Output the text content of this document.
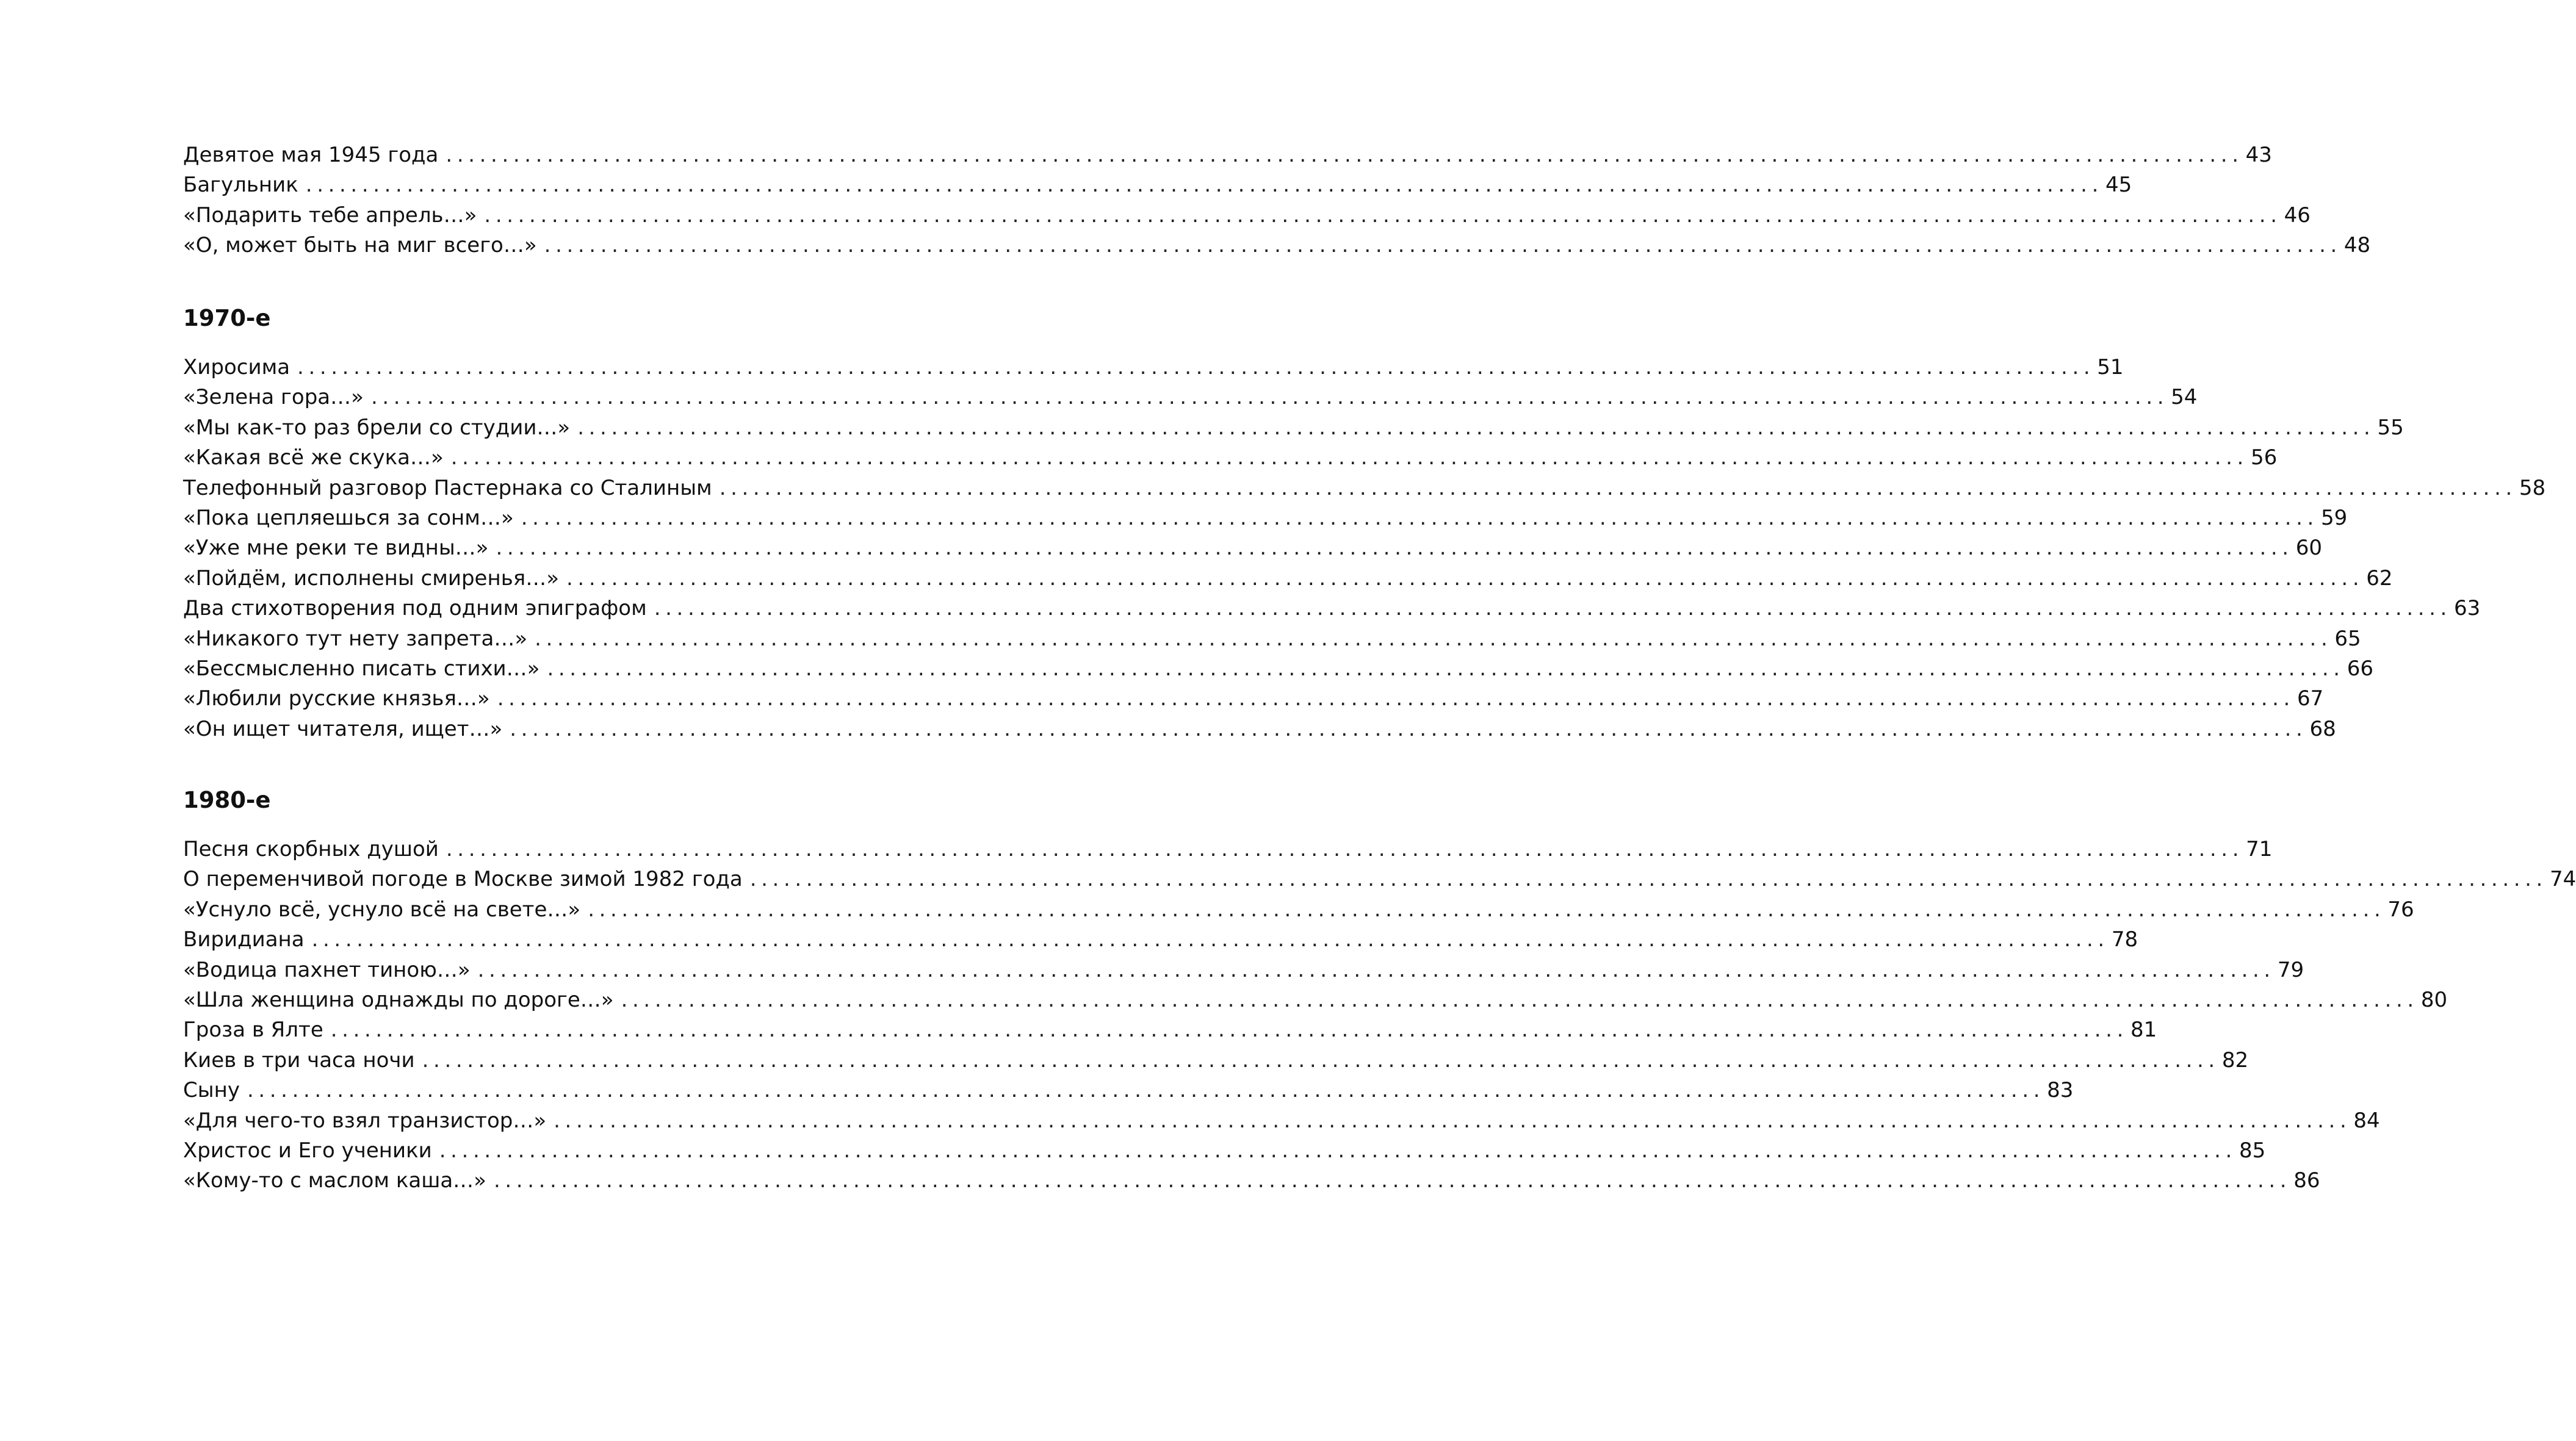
Девятое мая 1945 года ................................................................................................................................................................ 43
Багульник ................................................................................................................................................................ 45
«Подарить тебе апрель…» ................................................................................................................................................................ 46
«О, может быть на миг всего…» ................................................................................................................................................................ 48
1970-е
Хиросима ................................................................................................................................................................ 51
«Зелена гора…» ................................................................................................................................................................ 54
«Мы как-то раз брели со студии…» ................................................................................................................................................................ 55
«Какая всё же скука…» ................................................................................................................................................................ 56
Телефонный разговор Пастернака со Сталиным ................................................................................................................................................................ 58
«Пока цепляешься за сонм…» ................................................................................................................................................................ 59
«Уже мне реки те видны…» ................................................................................................................................................................ 60
«Пойдём, исполнены смиренья…» ................................................................................................................................................................ 62
Два стихотворения под одним эпиграфом ................................................................................................................................................................ 63
«Никакого тут нету запрета…» ................................................................................................................................................................ 65
«Бессмысленно писать стихи…» ................................................................................................................................................................ 66
«Любили русские князья…» ................................................................................................................................................................ 67
«Он ищет читателя, ищет…» ................................................................................................................................................................ 68
1980-е
Песня скорбных душой ................................................................................................................................................................ 71
О переменчивой погоде в Москве зимой 1982 года ................................................................................................................................................................ 74
«Уснуло всё, уснуло всё на свете…» ................................................................................................................................................................ 76
Виридиана ................................................................................................................................................................ 78
«Водица пахнет тиною…» ................................................................................................................................................................ 79
«Шла женщина однажды по дороге…» ................................................................................................................................................................ 80
Гроза в Ялте ................................................................................................................................................................ 81
Киев в три часа ночи ................................................................................................................................................................ 82
Сыну ................................................................................................................................................................ 83
«Для чего-то взял транзистор…» ................................................................................................................................................................ 84
Христос и Его ученики ................................................................................................................................................................ 85
«Кому-то с маслом каша…» ................................................................................................................................................................ 86
